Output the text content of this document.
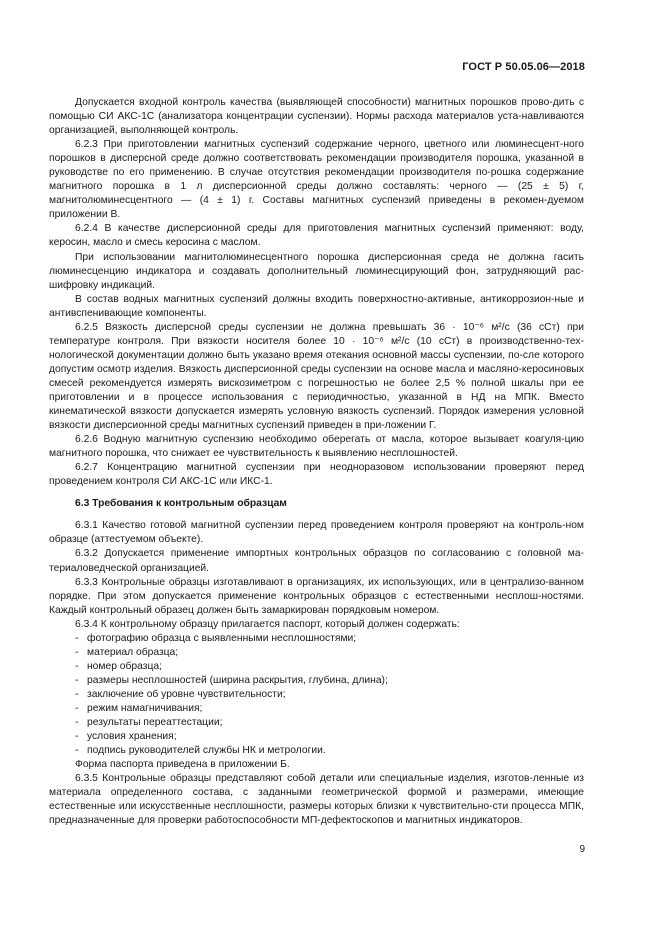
ГОСТ Р 50.05.06—2018

Допускается входной контроль качества (выявляющей способности) магнитных порошков прово-дить с помощью СИ АКС-1С (анализатора концентрации суспензии). Нормы расхода материалов уста-навливаются организацией, выполняющей контроль.

6.2.3 При приготовлении магнитных суспензий содержание черного, цветного или люминесцент-ного порошков в дисперсной среде должно соответствовать рекомендации производителя порошка, указанной в руководстве по его применению. В случае отсутствия рекомендации производителя по-рошка содержание магнитного порошка в 1 л дисперсионной среды должно составлять: черного — (25 ± 5) г, магнитолюминесцентного — (4 ± 1) г. Составы магнитных суспензий приведены в рекомен-дуемом приложении В.

6.2.4 В качестве дисперсионной среды для приготовления магнитных суспензий применяют: воду, керосин, масло и смесь керосина с маслом.

При использовании магнитолюминесцентного порошка дисперсионная среда не должна гасить люминесценцию индикатора и создавать дополнительный люминесцирующий фон, затрудняющий рас-шифровку индикаций.

В состав водных магнитных суспензий должны входить поверхностно-активные, антикоррозион-ные и антивспенивающие компоненты.

6.2.5 Вязкость дисперсной среды суспензии не должна превышать 36 · 10⁻⁶ м²/с (36 сСт) при температуре контроля. При вязкости носителя более 10 · 10⁻⁶ м²/с (10 сСт) в производственно-тех-нологической документации должно быть указано время отекания основной массы суспензии, по-сле которого допустим осмотр изделия. Вязкость дисперсионной среды суспензии на основе масла и масляно-керосиновых смесей рекомендуется измерять вискозиметром с погрешностью не более 2,5 % полной шкалы при ее приготовлении и в процессе использования с периодичностью, указанной в НД на МПК. Вместо кинематической вязкости допускается измерять условную вязкость суспензий. Порядок измерения условной вязкости дисперсионной среды магнитных суспензий приведен в при-ложении Г.

6.2.6 Водную магнитную суспензию необходимо оберегать от масла, которое вызывает коагуля-цию магнитного порошка, что снижает ее чувствительность к выявлению несплошностей.

6.2.7 Концентрацию магнитной суспензии при неодноразовом использовании проверяют перед проведением контроля СИ АКС-1С или ИКС-1.

6.3 Требования к контрольным образцам

6.3.1 Качество готовой магнитной суспензии перед проведением контроля проверяют на контроль-ном образце (аттестуемом объекте).

6.3.2 Допускается применение импортных контрольных образцов по согласованию с головной ма-териаловедческой организацией.

6.3.3 Контрольные образцы изготавливают в организациях, их использующих, или в централизо-ванном порядке. При этом допускается применение контрольных образцов с естественными несплош-ностями. Каждый контрольный образец должен быть замаркирован порядковым номером.

6.3.4 К контрольному образцу прилагается паспорт, который должен содержать:

- фотографию образца с выявленными несплошностями;
- материал образца;
- номер образца;
- размеры несплошностей (ширина раскрытия, глубина, длина);
- заключение об уровне чувствительности;
- режим намагничивания;
- результаты переаттестации;
- условия хранения;
- подпись руководителей службы НК и метрологии.

Форма паспорта приведена в приложении Б.

6.3.5 Контрольные образцы представляют собой детали или специальные изделия, изготов-ленные из материала определенного состава, с заданными геометрической формой и размерами, имеющие естественные или искусственные несплошности, размеры которых близки к чувствительно-сти процесса МПК, предназначенные для проверки работоспособности МП-дефектоскопов и магнитных индикаторов.

9
